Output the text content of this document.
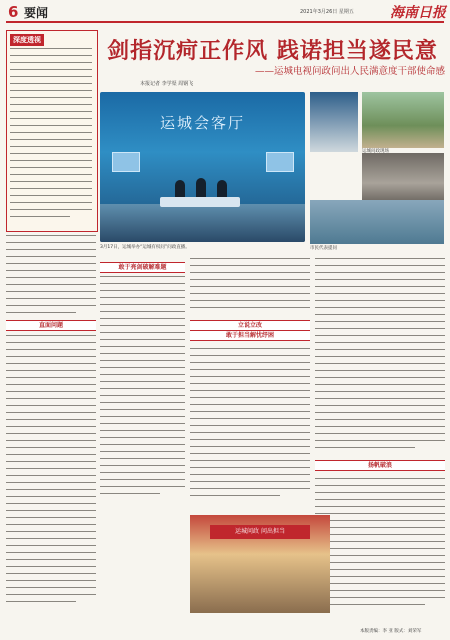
6 要闻	2021年3月26日 星期五	海南日报
剑指沉疴正作风 践诺担当遂民意
——运城电视问政问出人民满意度干部使命感
本报记者 李学渠 周钢飞
深度透视
运城会客厅
3月17日，运城举办“运城有权问”问政直播。
运城问政现场
市民代表提问
直面问题
敢于亮剑破解难题
立说立改
敢于担当解忧纾困
扬帆破浪
运城问政 问出担当
本版责编：李 亚 版式：刘荣军
